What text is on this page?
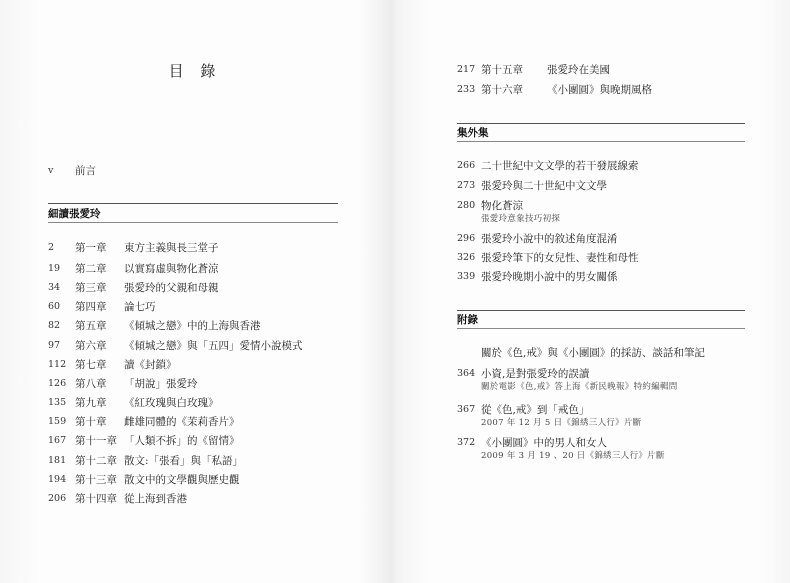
目 錄
v	前言
細讀張愛玲
2	第一章 東方主義與長三堂子
19	第二章 以實寫虛與物化蒼涼
34	第三章 張愛玲的父親和母親
60	第四章 論七巧
82	第五章 《傾城之戀》中的上海與香港
97	第六章 《傾城之戀》與「五四」愛情小說模式
112 第七章 讀《封鎖》
126 第八章 「胡說」張愛玲
135 第九章 《紅玫瑰與白玫瑰》
159 第十章 雌雄同體的《茉莉香片》
167 第十一章 「人類不拆」的《留情》
181 第十二章 散文:「張看」與「私語」
194 第十三章 散文中的文學觀與歷史觀
206 第十四章 從上海到香港
217 第十五章 張愛玲在美國
233 第十六章 《小團圓》與晚期風格
集外集
266 二十世紀中文文學的若干發展線索
273 張愛玲與二十世紀中文文學
280 物化蒼涼
張愛玲意象技巧初探
296 張愛玲小說中的敘述角度混淆
326 張愛玲筆下的女兒性、妻性和母性
339 張愛玲晚期小說中的男女關係
附錄
關於《色,戒》與《小團圓》的採訪、談話和筆記
364 小資,是對張愛玲的誤讀
關於電影《色,戒》答上海《新民晚報》特約編輯問
367 從《色,戒》到「戒色」
2007 年 12 月 5 日《錦綉三人行》片斷
372 《小團圓》中的男人和女人
2009 年 3 月 19 、20 日《錦綉三人行》片斷
